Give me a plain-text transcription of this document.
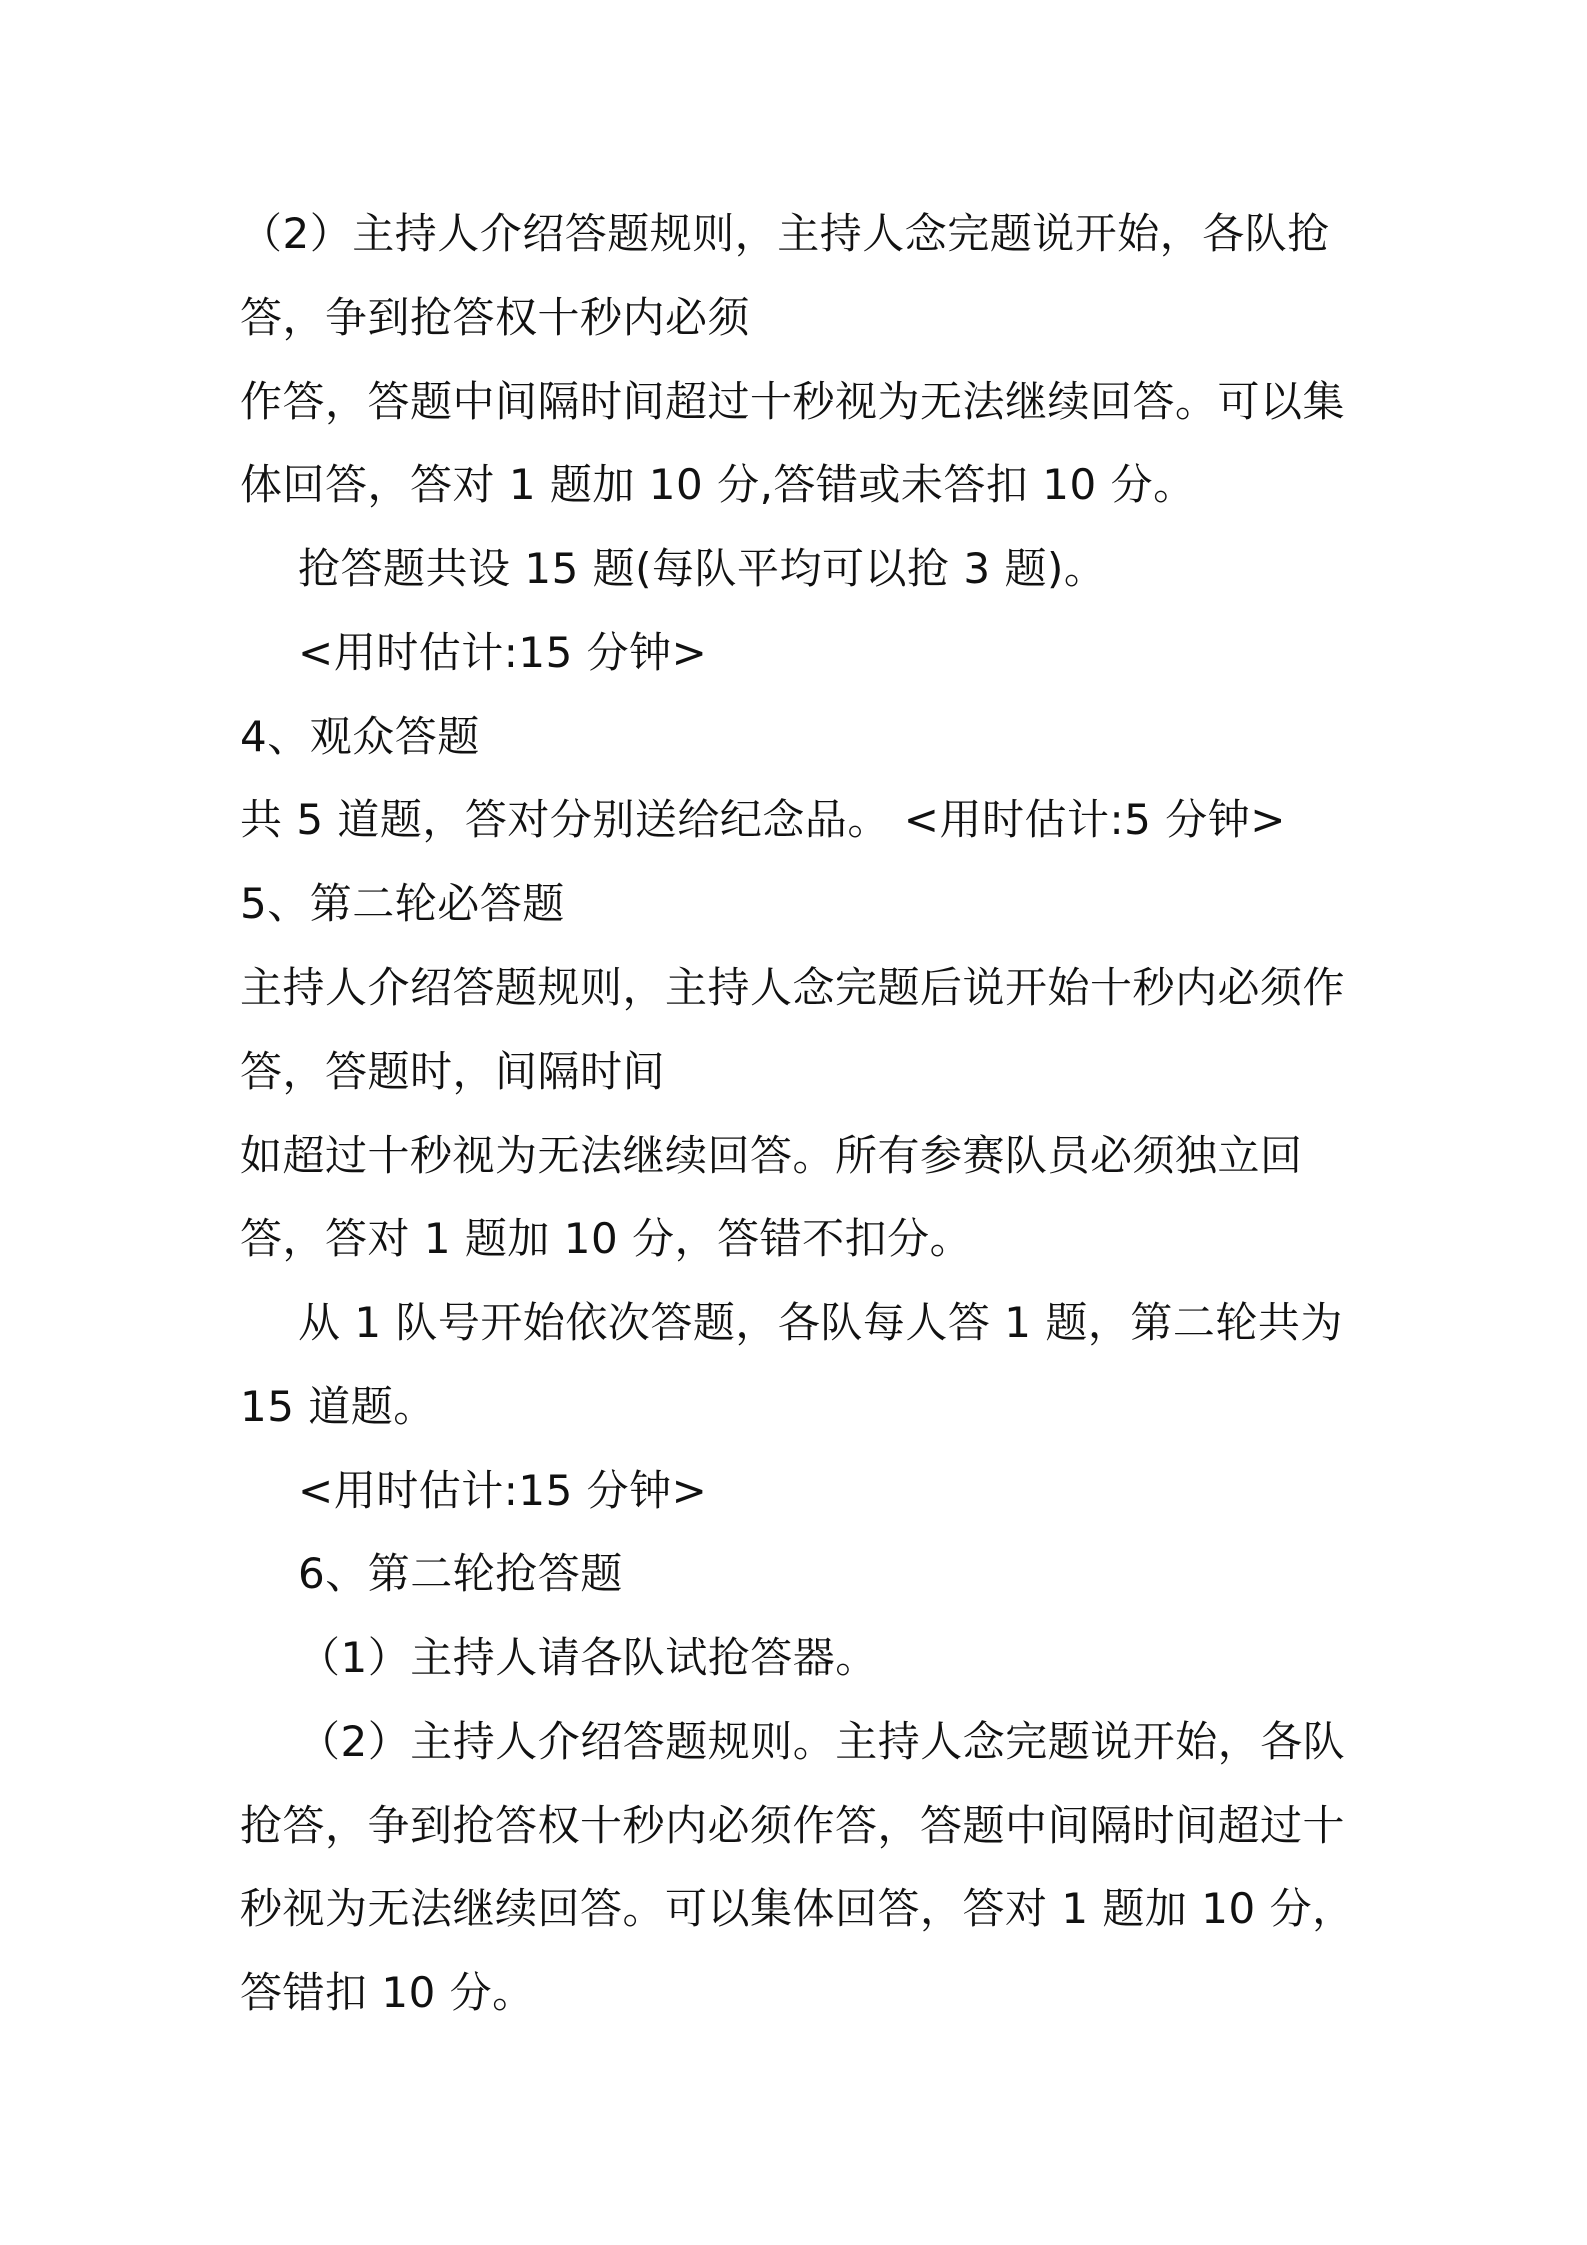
（2）主持人介绍答题规则，主持人念完题说开始，各队抢
答，争到抢答权十秒内必须
作答，答题中间隔时间超过十秒视为无法继续回答。可以集
体回答，答对 1 题加 10 分,答错或未答扣 10 分。
抢答题共设 15 题(每队平均可以抢 3 题)。
<用时估计:15 分钟>
4、观众答题
共 5 道题，答对分别送给纪念品。 <用时估计:5 分钟>
5、第二轮必答题
主持人介绍答题规则，主持人念完题后说开始十秒内必须作
答，答题时，间隔时间
如超过十秒视为无法继续回答。所有参赛队员必须独立回
答，答对 1 题加 10 分，答错不扣分。
从 1 队号开始依次答题，各队每人答 1 题，第二轮共为
15 道题。
<用时估计:15 分钟>
6、第二轮抢答题
（1）主持人请各队试抢答器。
（2）主持人介绍答题规则。主持人念完题说开始，各队
抢答，争到抢答权十秒内必须作答，答题中间隔时间超过十
秒视为无法继续回答。可以集体回答，答对 1 题加 10 分，
答错扣 10 分。
